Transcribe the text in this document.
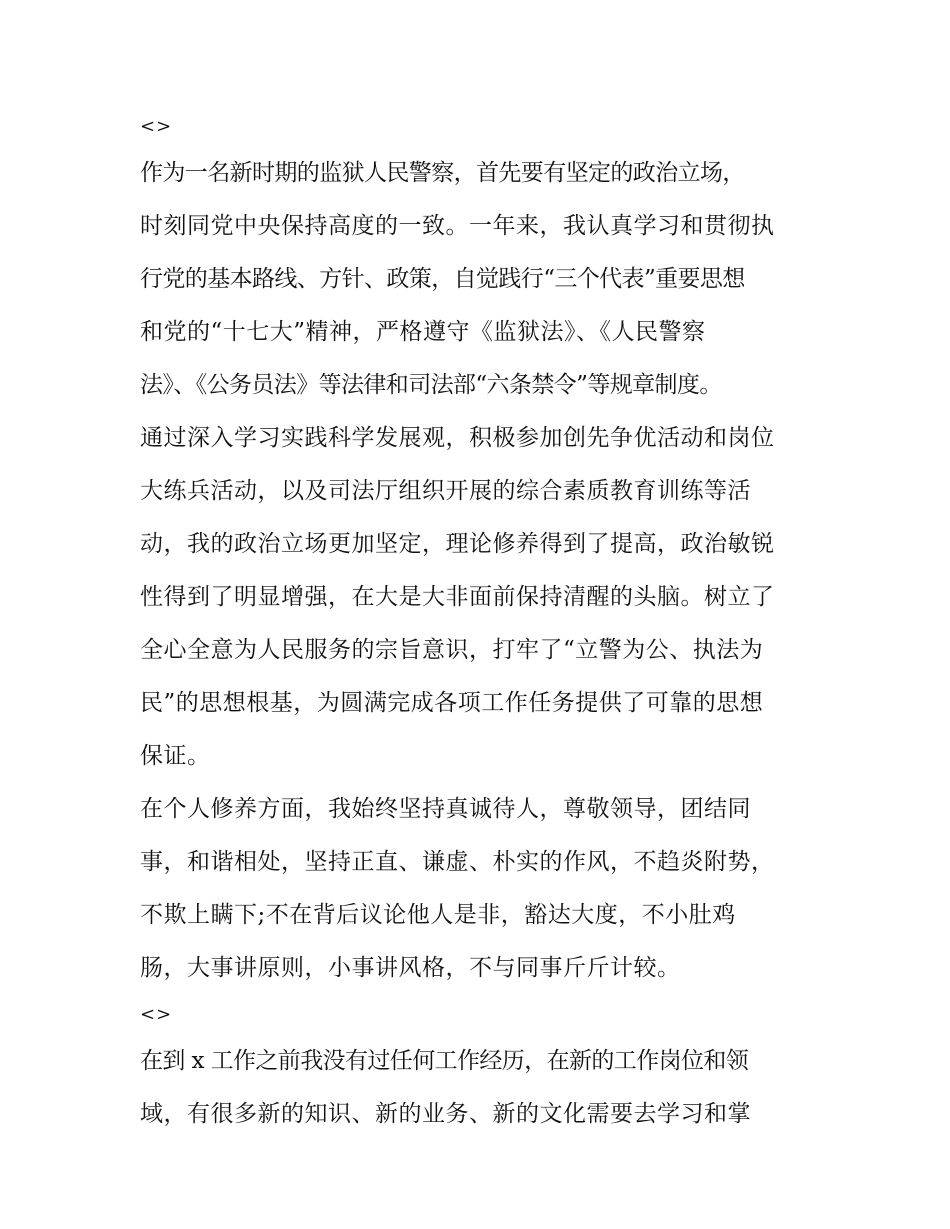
<>

作为一名新时期的监狱人民警察，首先要有坚定的政治立场，

时刻同党中央保持高度的一致。一年来，我认真学习和贯彻执

行党的基本路线、方针、政策，自觉践行“三个代表”重要思想

和党的“十七大”精神，严格遵守《监狱法》、《人民警察

法》、《公务员法》等法律和司法部“六条禁令”等规章制度。

通过深入学习实践科学发展观，积极参加创先争优活动和岗位

大练兵活动，以及司法厅组织开展的综合素质教育训练等活

动，我的政治立场更加坚定，理论修养得到了提高，政治敏锐

性得到了明显增强，在大是大非面前保持清醒的头脑。树立了

全心全意为人民服务的宗旨意识，打牢了“立警为公、执法为

民”的思想根基，为圆满完成各项工作任务提供了可靠的思想

保证。

在个人修养方面，我始终坚持真诚待人，尊敬领导，团结同

事，和谐相处，坚持正直、谦虚、朴实的作风，不趋炎附势，

不欺上瞒下;不在背后议论他人是非，豁达大度，不小肚鸡

肠，大事讲原则，小事讲风格，不与同事斤斤计较。

<>

在到 x 工作之前我没有过任何工作经历，在新的工作岗位和领

域，有很多新的知识、新的业务、新的文化需要去学习和掌
